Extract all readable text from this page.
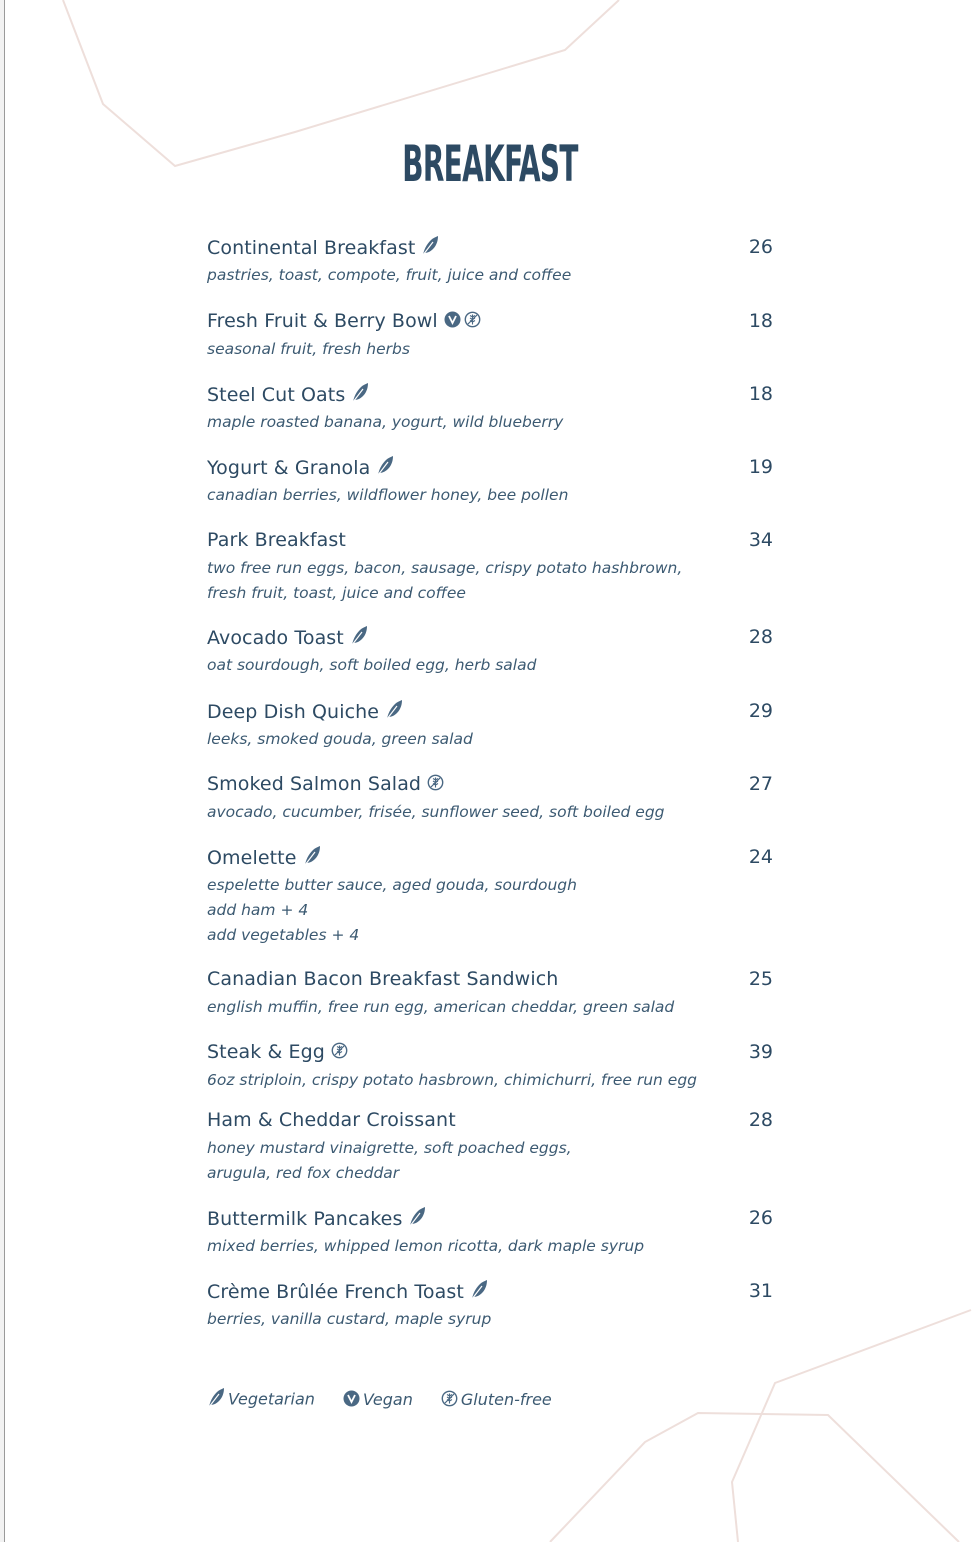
BREAKFAST
Continental Breakfast	26
pastries, toast, compote, fruit, juice and coffee
Fresh Fruit & Berry Bowl	18
seasonal fruit, fresh herbs
Steel Cut Oats	18
maple roasted banana, yogurt, wild blueberry
Yogurt & Granola	19
canadian berries, wildflower honey, bee pollen
Park Breakfast	34
two free run eggs, bacon, sausage, crispy potato hashbrown,
fresh fruit, toast, juice and coffee
Avocado Toast	28
oat sourdough, soft boiled egg, herb salad
Deep Dish Quiche	29
leeks, smoked gouda, green salad
Smoked Salmon Salad	27
avocado, cucumber, frisée, sunflower seed, soft boiled egg
Omelette	24
espelette butter sauce, aged gouda, sourdough
add ham + 4
add vegetables + 4
Canadian Bacon Breakfast Sandwich	25
english muffin, free run egg, american cheddar, green salad
Steak & Egg	39
6oz striploin, crispy potato hasbrown, chimichurri, free run egg
Ham & Cheddar Croissant	28
honey mustard vinaigrette, soft poached eggs,
arugula, red fox cheddar
Buttermilk Pancakes	26
mixed berries, whipped lemon ricotta, dark maple syrup
Crème Brûlée French Toast	31
berries, vanilla custard, maple syrup
Vegetarian	Vegan	Gluten-free
